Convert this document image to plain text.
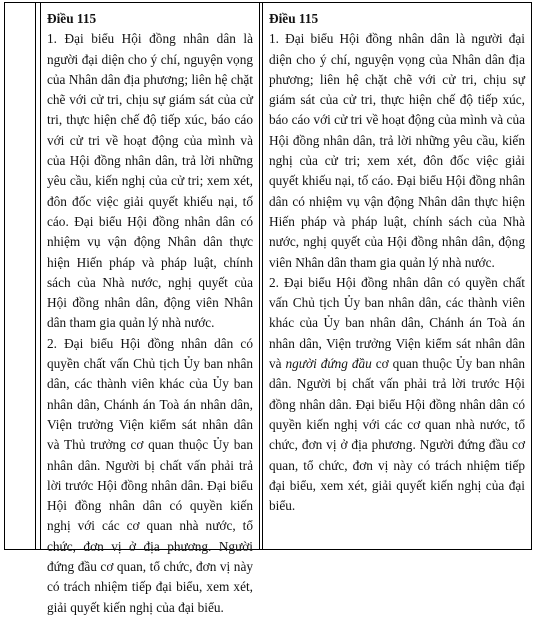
Điều 115

1. Đại biểu Hội đồng nhân dân là người đại diện cho ý chí, nguyện vọng của Nhân dân địa phương; liên hệ chặt chẽ với cử tri, chịu sự giám sát của cử tri, thực hiện chế độ tiếp xúc, báo cáo với cử tri về hoạt động của mình và của Hội đồng nhân dân, trả lời những yêu cầu, kiến nghị của cử tri; xem xét, đôn đốc việc giải quyết khiếu nại, tố cáo. Đại biểu Hội đồng nhân dân có nhiệm vụ vận động Nhân dân thực hiện Hiến pháp và pháp luật, chính sách của Nhà nước, nghị quyết của Hội đồng nhân dân, động viên Nhân dân tham gia quản lý nhà nước.

2. Đại biểu Hội đồng nhân dân có quyền chất vấn Chủ tịch Ủy ban nhân dân, các thành viên khác của Ủy ban nhân dân, Chánh án Toà án nhân dân, Viện trưởng Viện kiểm sát nhân dân và Thủ trưởng cơ quan thuộc Ủy ban nhân dân. Người bị chất vấn phải trả lời trước Hội đồng nhân dân. Đại biểu Hội đồng nhân dân có quyền kiến nghị với các cơ quan nhà nước, tổ chức, đơn vị ở địa phương. Người đứng đầu cơ quan, tổ chức, đơn vị này có trách nhiệm tiếp đại biểu, xem xét, giải quyết kiến nghị của đại biểu.

Điều 115

1. Đại biểu Hội đồng nhân dân là người đại diện cho ý chí, nguyện vọng của Nhân dân địa phương; liên hệ chặt chẽ với cử tri, chịu sự giám sát của cử tri, thực hiện chế độ tiếp xúc, báo cáo với cử tri về hoạt động của mình và của Hội đồng nhân dân, trả lời những yêu cầu, kiến nghị của cử tri; xem xét, đôn đốc việc giải quyết khiếu nại, tố cáo. Đại biểu Hội đồng nhân dân có nhiệm vụ vận động Nhân dân thực hiện Hiến pháp và pháp luật, chính sách của Nhà nước, nghị quyết của Hội đồng nhân dân, động viên Nhân dân tham gia quản lý nhà nước.

2. Đại biểu Hội đồng nhân dân có quyền chất vấn Chủ tịch Ủy ban nhân dân, các thành viên khác của Ủy ban nhân dân, Chánh án Toà án nhân dân, Viện trưởng Viện kiểm sát nhân dân và người đứng đầu cơ quan thuộc Ủy ban nhân dân. Người bị chất vấn phải trả lời trước Hội đồng nhân dân. Đại biểu Hội đồng nhân dân có quyền kiến nghị với các cơ quan nhà nước, tổ chức, đơn vị ở địa phương. Người đứng đầu cơ quan, tổ chức, đơn vị này có trách nhiệm tiếp đại biểu, xem xét, giải quyết kiến nghị của đại biểu.
